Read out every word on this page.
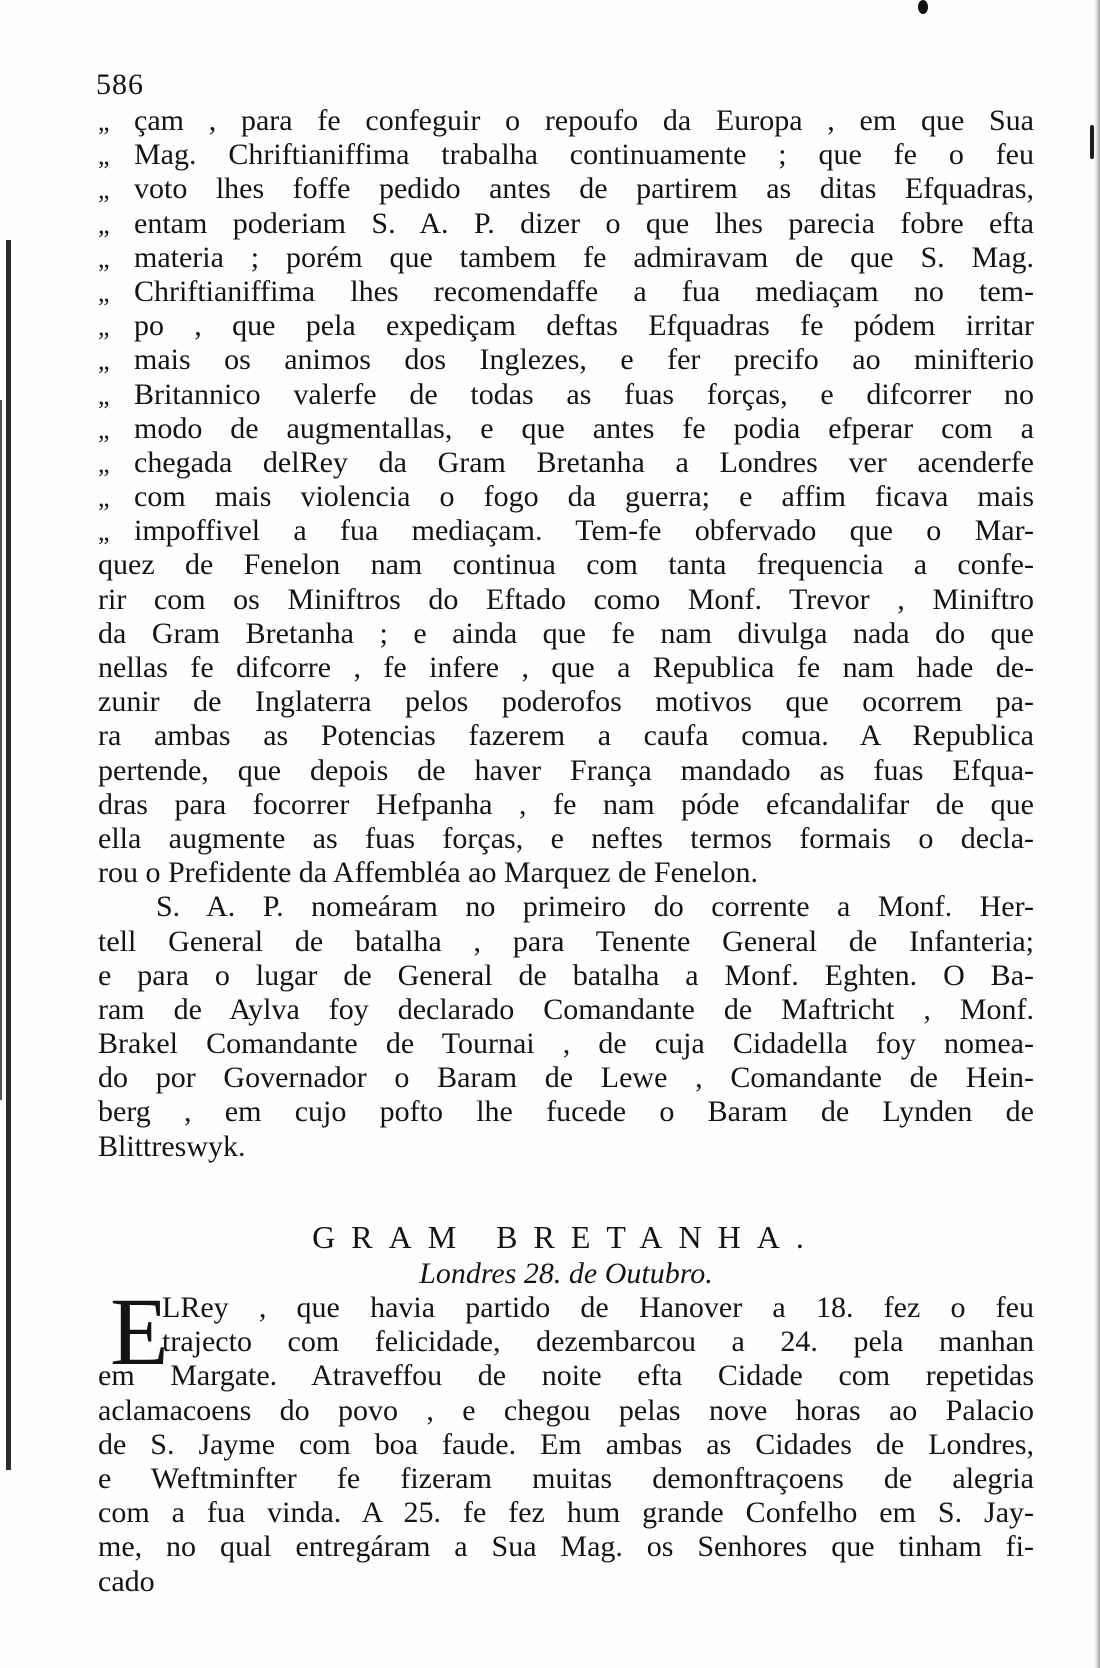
586
„ çam , para fe confeguir o repoufo da Europa , em que Sua
„ Mag. Chriftianiffima trabalha continuamente ; que fe o feu
„ voto lhes foffe pedido antes de partirem as ditas Efquadras,
„ entam poderiam S. A. P. dizer o que lhes parecia fobre efta
„ materia ; porém que tambem fe admiravam de que S. Mag.
„ Chriftianiffima lhes recomendaffe a fua mediaçam no tem-
„ po , que pela expediçam deftas Efquadras fe pódem irritar
„ mais os animos dos Inglezes, e fer precifo ao minifterio
„ Britannico valerfe de todas as fuas forças, e difcorrer no
„ modo de augmentallas, e que antes fe podia efperar com a
„ chegada delRey da Gram Bretanha a Londres ver acenderfe
„ com mais violencia o fogo da guerra; e affim ficava mais
„ impoffivel a fua mediaçam. Tem-fe obfervado que o Mar-
quez de Fenelon nam continua com tanta frequencia a confe-
rir com os Miniftros do Eftado como Monf. Trevor , Miniftro
da Gram Bretanha ; e ainda que fe nam divulga nada do que
nellas fe difcorre , fe infere , que a Republica fe nam hade de-
zunir de Inglaterra pelos poderofos motivos que ocorrem pa-
ra ambas as Potencias fazerem a caufa comua. A Republica
pertende, que depois de haver França mandado as fuas Efqua-
dras para focorrer Hefpanha , fe nam póde efcandalifar de que
ella augmente as fuas forças, e neftes termos formais o decla-
rou o Prefidente da Affembléa ao Marquez de Fenelon.
S. A. P. nomeáram no primeiro do corrente a Monf. Her-
tell General de batalha , para Tenente General de Infanteria;
e para o lugar de General de batalha a Monf. Eghten. O Ba-
ram de Aylva foy declarado Comandante de Maftricht , Monf.
Brakel Comandante de Tournai , de cuja Cidadella foy nomea-
do por Governador o Baram de Lewe , Comandante de Hein-
berg , em cujo pofto lhe fucede o Baram de Lynden de
Blittreswyk.
GRAM BRETANHA.
Londres 28. de Outubro.
E
LRey , que havia partido de Hanover a 18. fez o feu
trajecto com felicidade, dezembarcou a 24. pela manhan
em Margate. Atraveffou de noite efta Cidade com repetidas
aclamacoens do povo , e chegou pelas nove horas ao Palacio
de S. Jayme com boa faude. Em ambas as Cidades de Londres,
e Weftminfter fe fizeram muitas demonftraçoens de alegria
com a fua vinda. A 25. fe fez hum grande Confelho em S. Jay-
me, no qual entregáram a Sua Mag. os Senhores que tinham fi-
cado
